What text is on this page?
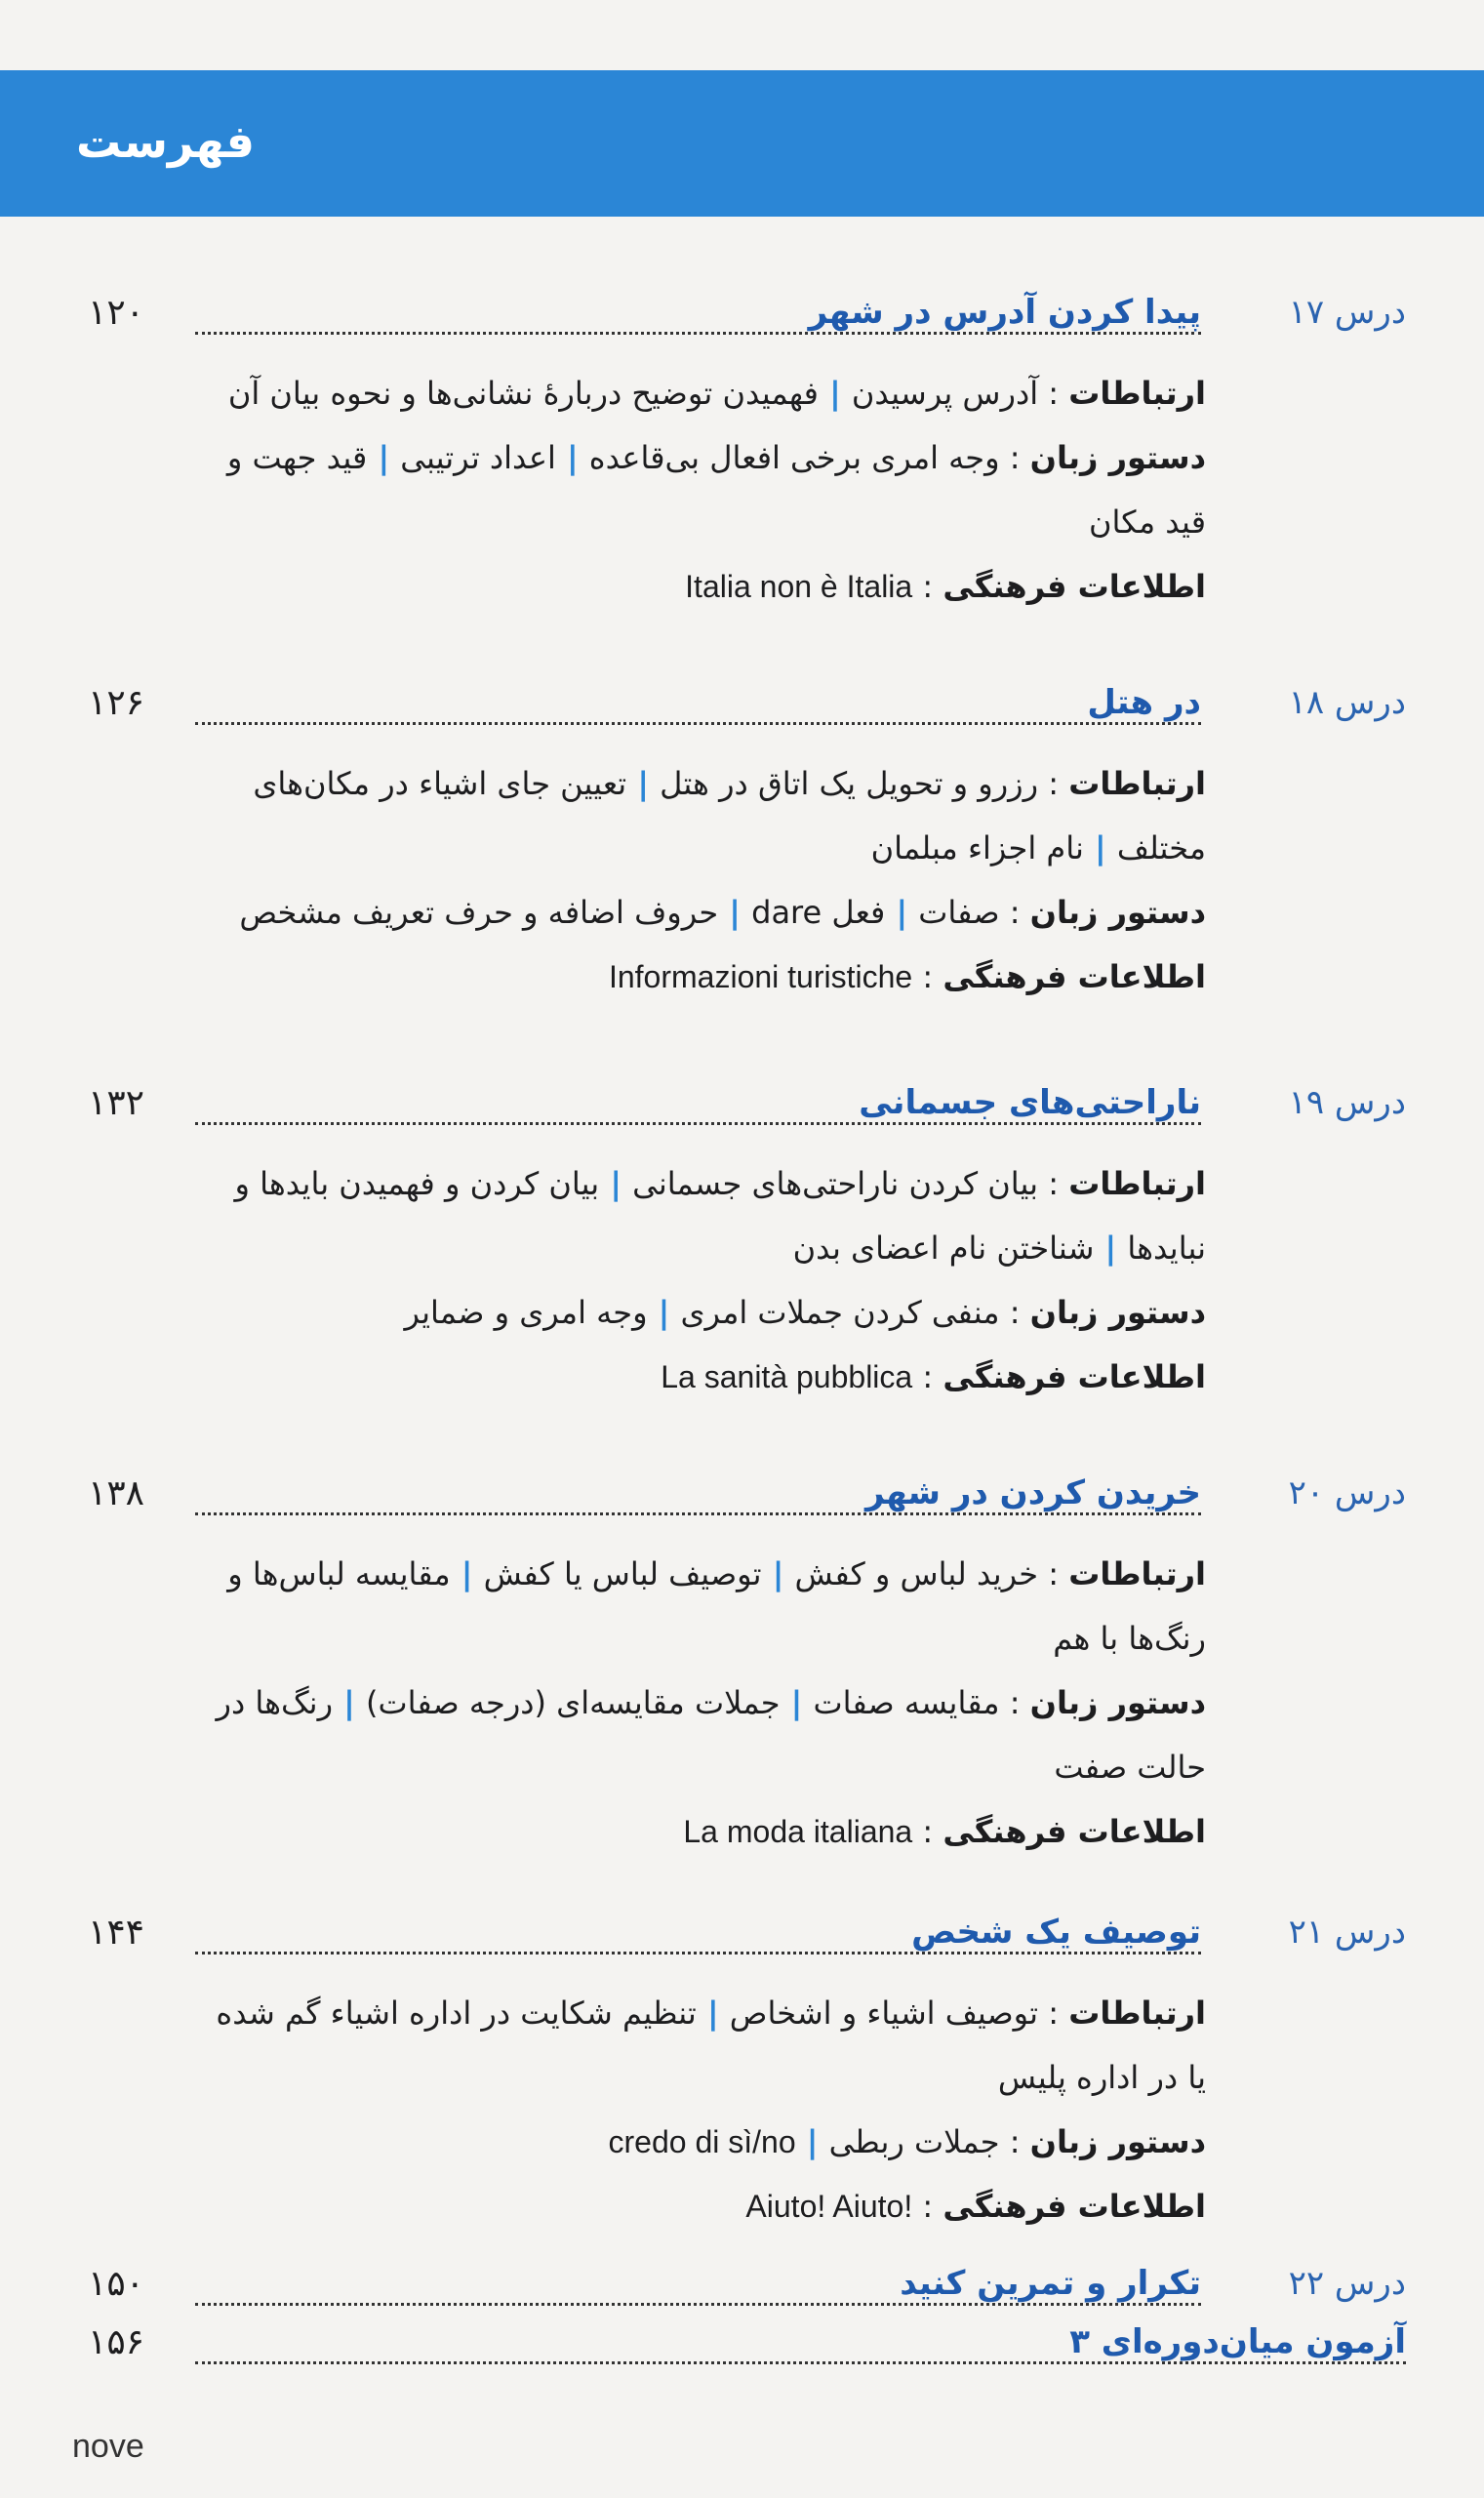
فهرست
درس ۱۷
پیدا کردن آدرس در شهر
۱۲۰
ارتباطات : آدرس پرسیدن | فهمیدن توضیح دربارهٔ نشانی‌ها و نحوه بیان آن
دستور زبان : وجه امری برخی افعال بی‌قاعده | اعداد ترتیبی | قید جهت و قید مکان
اطلاعات فرهنگی : Italia non è Italia
درس ۱۸
در هتل
۱۲۶
ارتباطات : رزرو و تحویل یک اتاق در هتل | تعیین جای اشیاء در مکان‌های مختلف | نام اجزاء مبلمان
دستور زبان : صفات | فعل dare | حروف اضافه و حرف تعریف مشخص
اطلاعات فرهنگی : Informazioni turistiche
درس ۱۹
ناراحتی‌های جسمانی
۱۳۲
ارتباطات : بیان کردن ناراحتی‌های جسمانی | بیان کردن و فهمیدن بایدها و نبایدها | شناختن نام اعضای بدن
دستور زبان : منفی کردن جملات امری | وجه امری و ضمایر
اطلاعات فرهنگی : La sanità pubblica
درس ۲۰
خریدن کردن در شهر
۱۳۸
ارتباطات : خرید لباس و کفش | توصیف لباس یا کفش | مقایسه لباس‌ها و رنگ‌ها با هم
دستور زبان : مقایسه صفات | جملات مقایسه‌ای (درجه صفات) | رنگ‌ها در حالت صفت
اطلاعات فرهنگی : La moda italiana
درس ۲۱
توصیف یک شخص
۱۴۴
ارتباطات : توصیف اشیاء و اشخاص | تنظیم شکایت در اداره اشیاء گم شده یا در اداره پلیس
دستور زبان : جملات ربطی | credo di sì/no
اطلاعات فرهنگی : Aiuto! Aiuto!
درس ۲۲
تکرار و تمرین کنید
۱۵۰
آزمون میان‌دوره‌ای ۳
۱۵۶
nove
